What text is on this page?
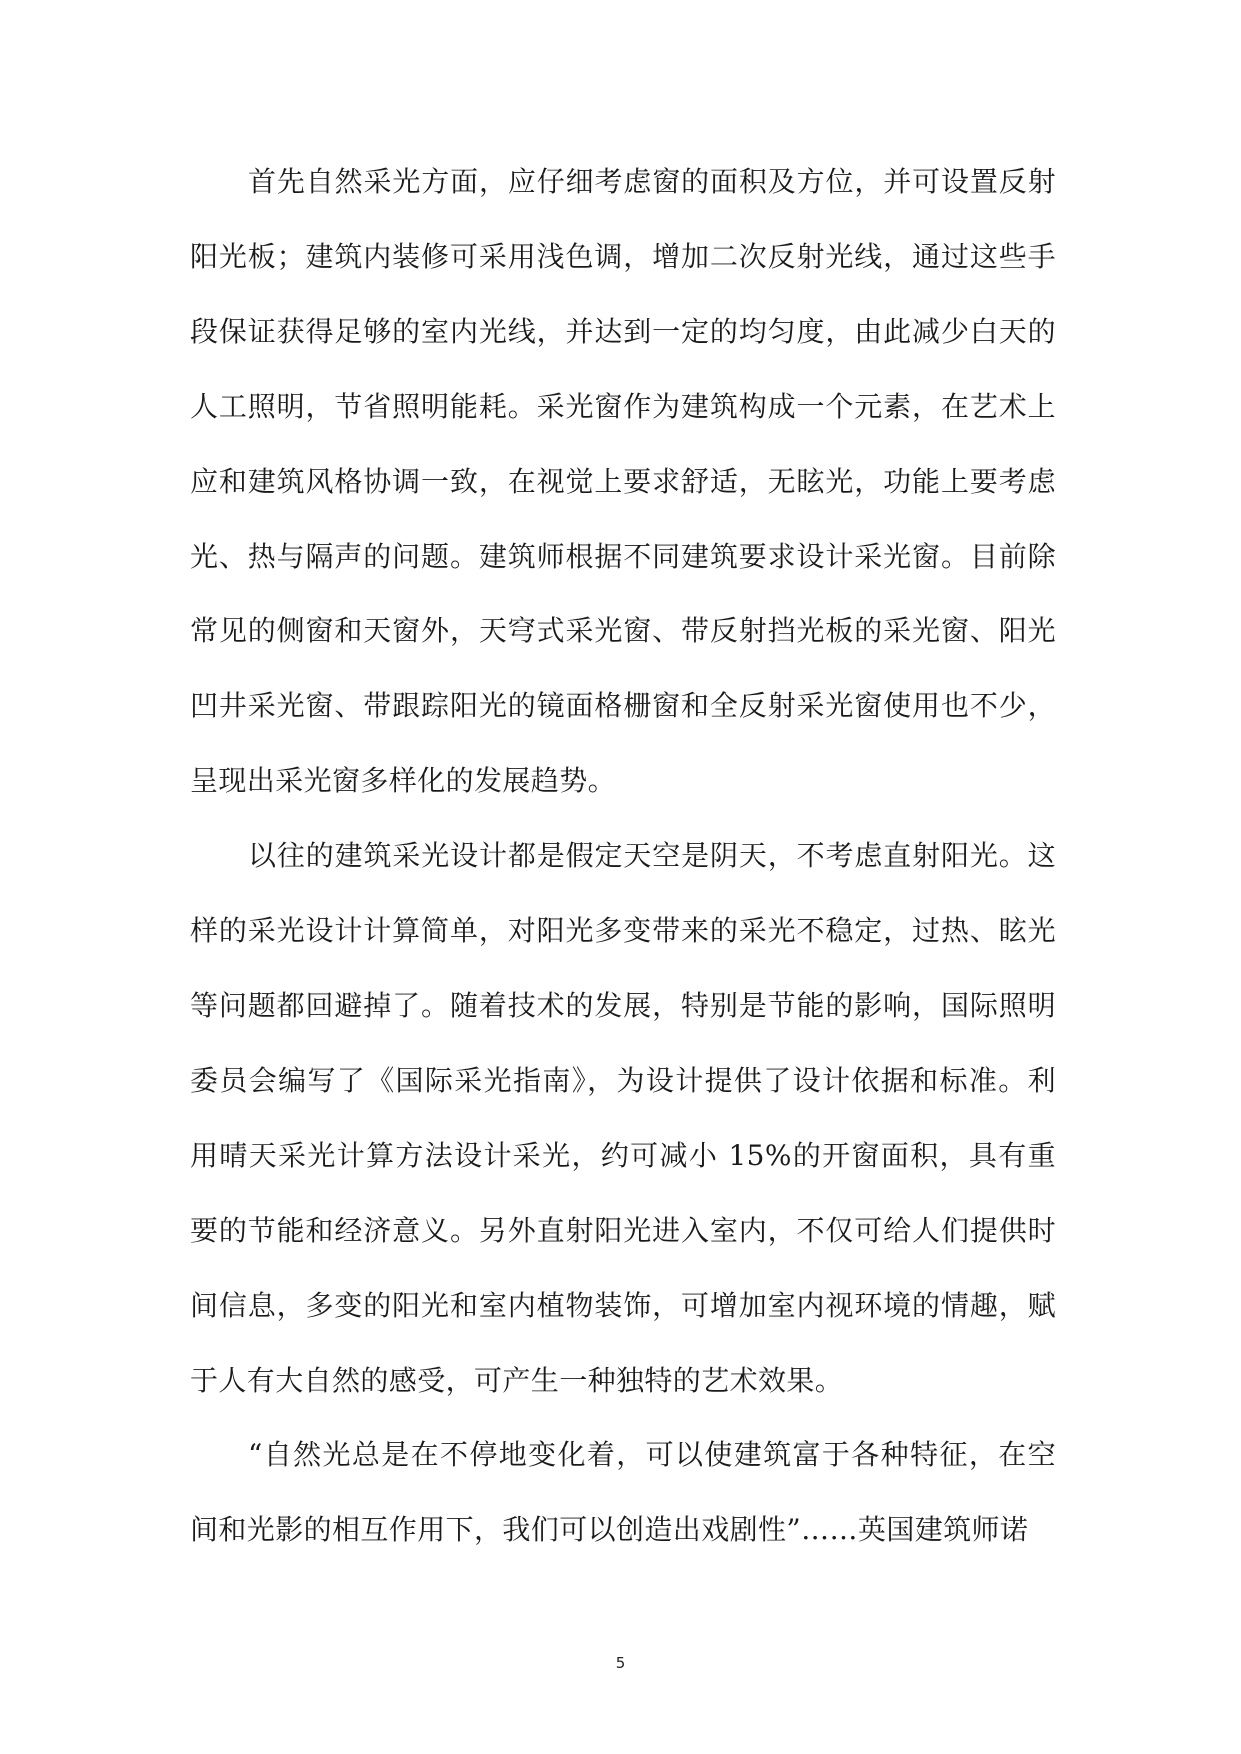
首先自然采光方面，应仔细考虑窗的面积及方位，并可设置反射阳光板；建筑内装修可采用浅色调，增加二次反射光线，通过这些手段保证获得足够的室内光线，并达到一定的均匀度，由此减少白天的人工照明，节省照明能耗。采光窗作为建筑构成一个元素，在艺术上应和建筑风格协调一致，在视觉上要求舒适，无眩光，功能上要考虑光、热与隔声的问题。建筑师根据不同建筑要求设计采光窗。目前除常见的侧窗和天窗外，天穹式采光窗、带反射挡光板的采光窗、阳光凹井采光窗、带跟踪阳光的镜面格栅窗和全反射采光窗使用也不少，呈现出采光窗多样化的发展趋势。

以往的建筑采光设计都是假定天空是阴天，不考虑直射阳光。这样的采光设计计算简单，对阳光多变带来的采光不稳定，过热、眩光等问题都回避掉了。随着技术的发展，特别是节能的影响，国际照明委员会编写了《国际采光指南》，为设计提供了设计依据和标准。利用晴天采光计算方法设计采光，约可减小 15%的开窗面积，具有重要的节能和经济意义。另外直射阳光进入室内，不仅可给人们提供时间信息，多变的阳光和室内植物装饰，可增加室内视环境的情趣，赋于人有大自然的感受，可产生一种独特的艺术效果。

“自然光总是在不停地变化着，可以使建筑富于各种特征，在空间和光影的相互作用下，我们可以创造出戏剧性”……英国建筑师诺

5
